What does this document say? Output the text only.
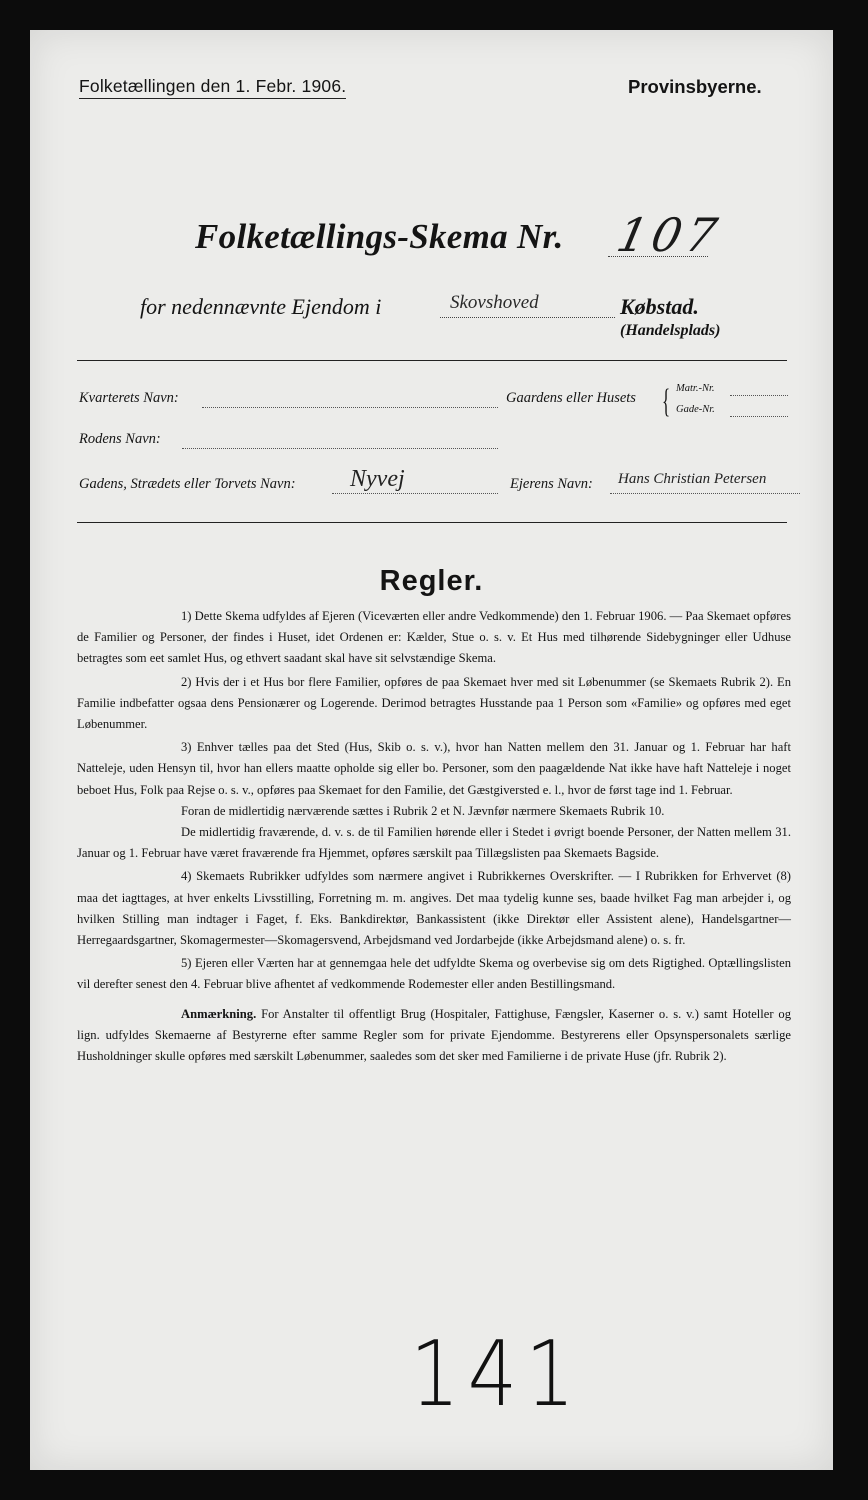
Folketællingen den 1. Febr. 1906.	Provinsbyerne.
Folketællings-Skema Nr. 107
for nedennævnte Ejendom i	Skovshoved	Købstad.
(Handelsplads)
Kvarterets Navn:	Gaardens eller Husets { Matr.-Nr.
Gade-Nr.
Rodens Navn:
Gadens, Strædets eller Torvets Navn: Nyvej	Ejerens Navn: Hans Christian Petersen
Regler.

1) Dette Skema udfyldes af Ejeren (Viceværten eller andre Vedkommende) den 1. Februar 1906. — Paa Skemaet opføres de Familier og Personer, der findes i Huset, idet Ordenen er: Kælder, Stue o. s. v. Et Hus med tilhørende Sidebygninger eller Udhuse betragtes som eet samlet Hus, og ethvert saadant skal have sit selvstændige Skema.

2) Hvis der i et Hus bor flere Familier, opføres de paa Skemaet hver med sit Løbenummer (se Skemaets Rubrik 2). En Familie indbefatter ogsaa dens Pensionærer og Logerende. Derimod betragtes Husstande paa 1 Person som «Familie» og opføres med eget Løbenummer.

3) Enhver tælles paa det Sted (Hus, Skib o. s. v.), hvor han Natten mellem den 31. Januar og 1. Februar har haft Natteleje, uden Hensyn til, hvor han ellers maatte opholde sig eller bo. Personer, som den paagældende Nat ikke have haft Natteleje i noget beboet Hus, Folk paa Rejse o. s. v., opføres paa Skemaet for den Familie, det Gæstgiversted e. l., hvor de først tage ind 1. Februar.

Foran de midlertidig nærværende sættes i Rubrik 2 et N. Jævnfør nærmere Skemaets Rubrik 10.

De midlertidig fraværende, d. v. s. de til Familien hørende eller i Stedet i øvrigt boende Personer, der Natten mellem 31. Januar og 1. Februar have været fraværende fra Hjemmet, opføres særskilt paa Tillægslisten paa Skemaets Bagside.

4) Skemaets Rubrikker udfyldes som nærmere angivet i Rubrikkernes Overskrifter. — I Rubrikken for Erhvervet (8) maa det iagttages, at hver enkelts Livsstilling, Forretning m. m. angives. Det maa tydelig kunne ses, baade hvilket Fag man arbejder i, og hvilken Stilling man indtager i Faget, f. Eks. Bankdirektør, Bankassistent (ikke Direktør eller Assistent alene), Handelsgartner— Herregaardsgartner, Skomagermester—Skomagersvend, Arbejdsmand ved Jordarbejde (ikke Arbejdsmand alene) o. s. fr.

5) Ejeren eller Værten har at gennemgaa hele det udfyldte Skema og overbevise sig om dets Rigtighed. Optællingslisten vil derefter senest den 4. Februar blive afhentet af vedkommende Rodemester eller anden Bestillingsmand.

Anmærkning. For Anstalter til offentligt Brug (Hospitaler, Fattighuse, Fængsler, Kaserner o. s. v.) samt Hoteller og lign. udfyldes Skemaerne af Bestyrerne efter samme Regler som for private Ejendomme. Bestyrerens eller Opsynspersonalets særlige Husholdninger skulle opføres med særskilt Løbenummer, saaledes som det sker med Familierne i de private Huse (jfr. Rubrik 2).

141
